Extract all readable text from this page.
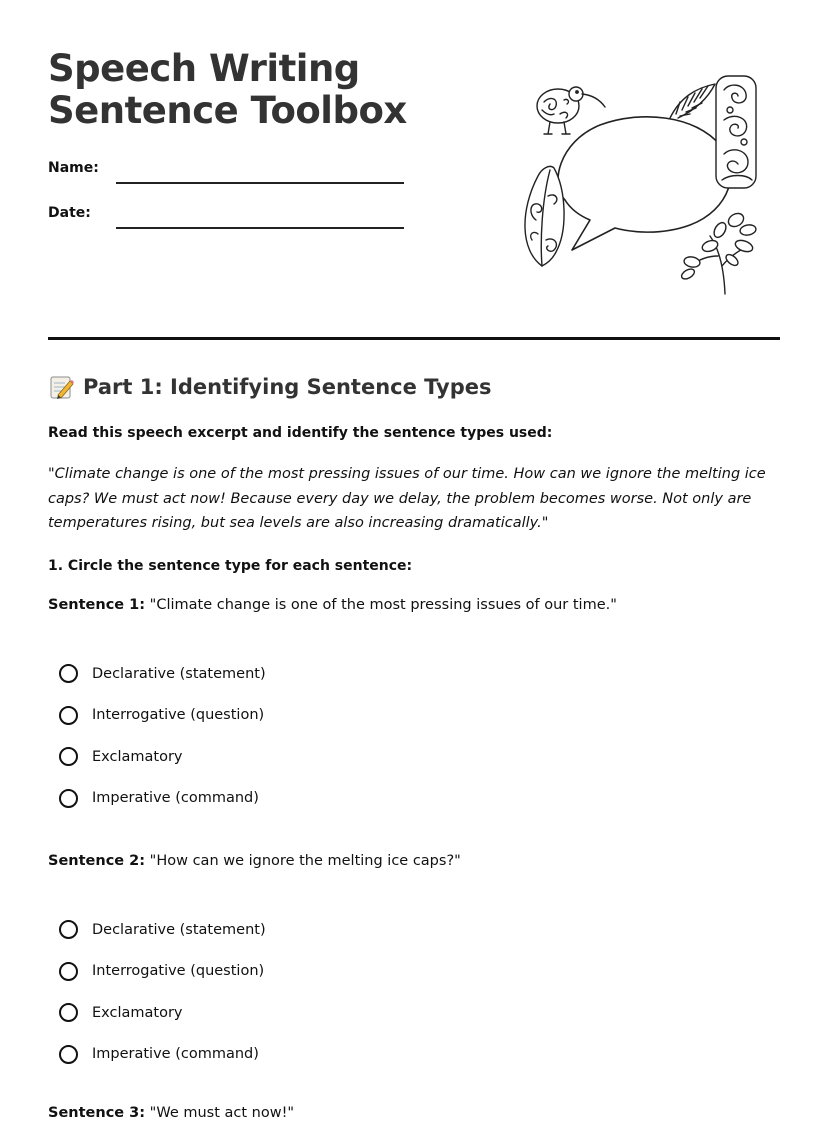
Speech Writing
Sentence Toolbox
Name:
Date:
Part 1: Identifying Sentence Types

Read this speech excerpt and identify the sentence types used:

"Climate change is one of the most pressing issues of our time. How can we ignore the melting ice caps? We must act now! Because every day we delay, the problem becomes worse. Not only are temperatures rising, but sea levels are also increasing dramatically."

1. Circle the sentence type for each sentence:

Sentence 1: "Climate change is one of the most pressing issues of our time."

Declarative (statement)
Interrogative (question)
Exclamatory
Imperative (command)

Sentence 2: "How can we ignore the melting ice caps?"

Declarative (statement)
Interrogative (question)
Exclamatory
Imperative (command)

Sentence 3: "We must act now!"
